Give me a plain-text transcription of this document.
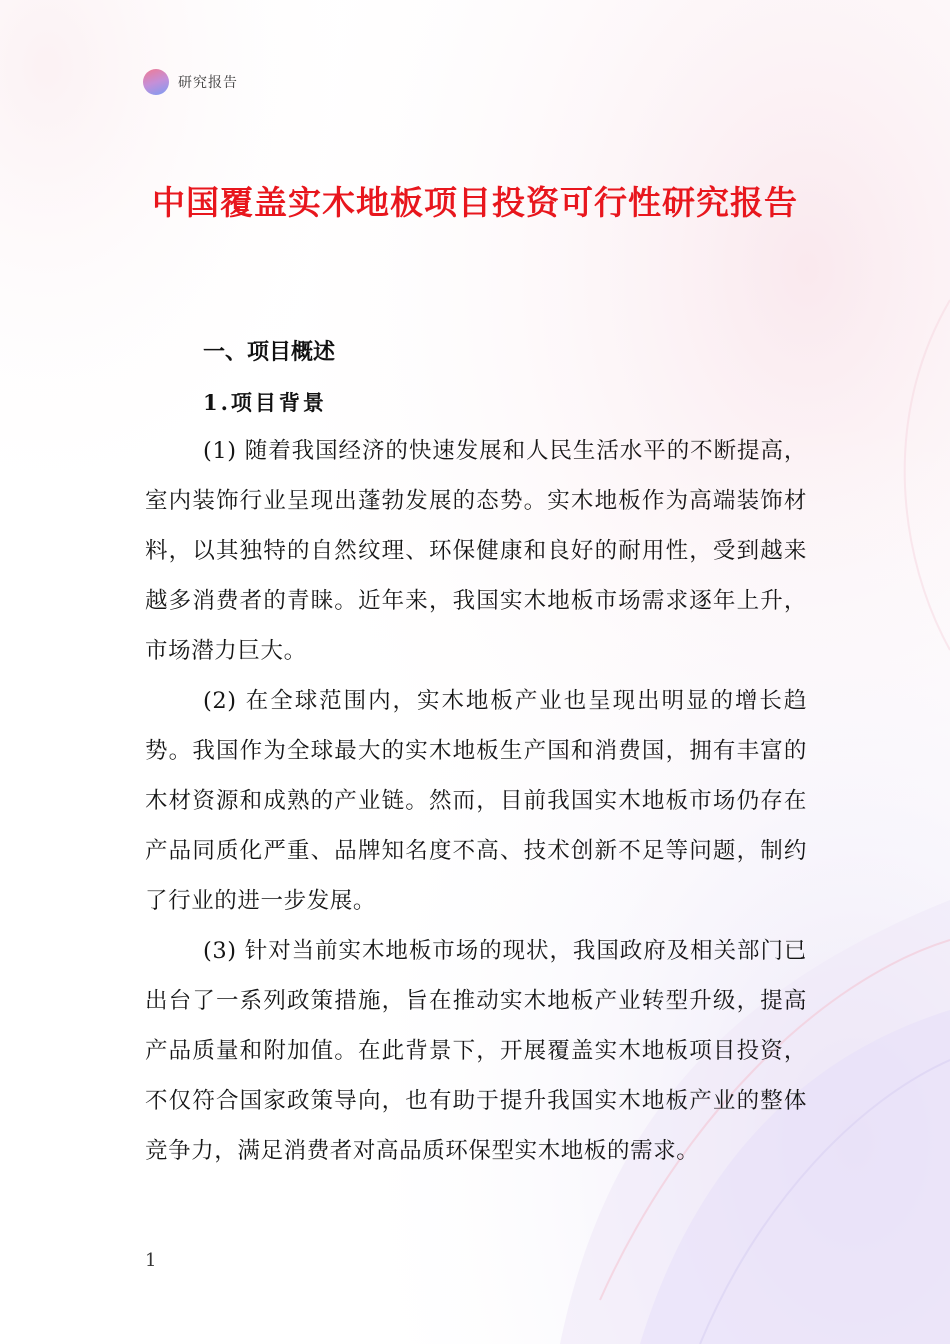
研究报告
中国覆盖实木地板项目投资可行性研究报告
一、项目概述
1.项目背景

(1) 随着我国经济的快速发展和人民生活水平的不断提高，室内装饰行业呈现出蓬勃发展的态势。实木地板作为高端装饰材料，以其独特的自然纹理、环保健康和良好的耐用性，受到越来越多消费者的青睐。近年来，我国实木地板市场需求逐年上升，市场潜力巨大。

(2) 在全球范围内，实木地板产业也呈现出明显的增长趋势。我国作为全球最大的实木地板生产国和消费国，拥有丰富的木材资源和成熟的产业链。然而，目前我国实木地板市场仍存在产品同质化严重、品牌知名度不高、技术创新不足等问题，制约了行业的进一步发展。

(3) 针对当前实木地板市场的现状，我国政府及相关部门已出台了一系列政策措施，旨在推动实木地板产业转型升级，提高产品质量和附加值。在此背景下，开展覆盖实木地板项目投资，不仅符合国家政策导向，也有助于提升我国实木地板产业的整体竞争力，满足消费者对高品质环保型实木地板的需求。

1
